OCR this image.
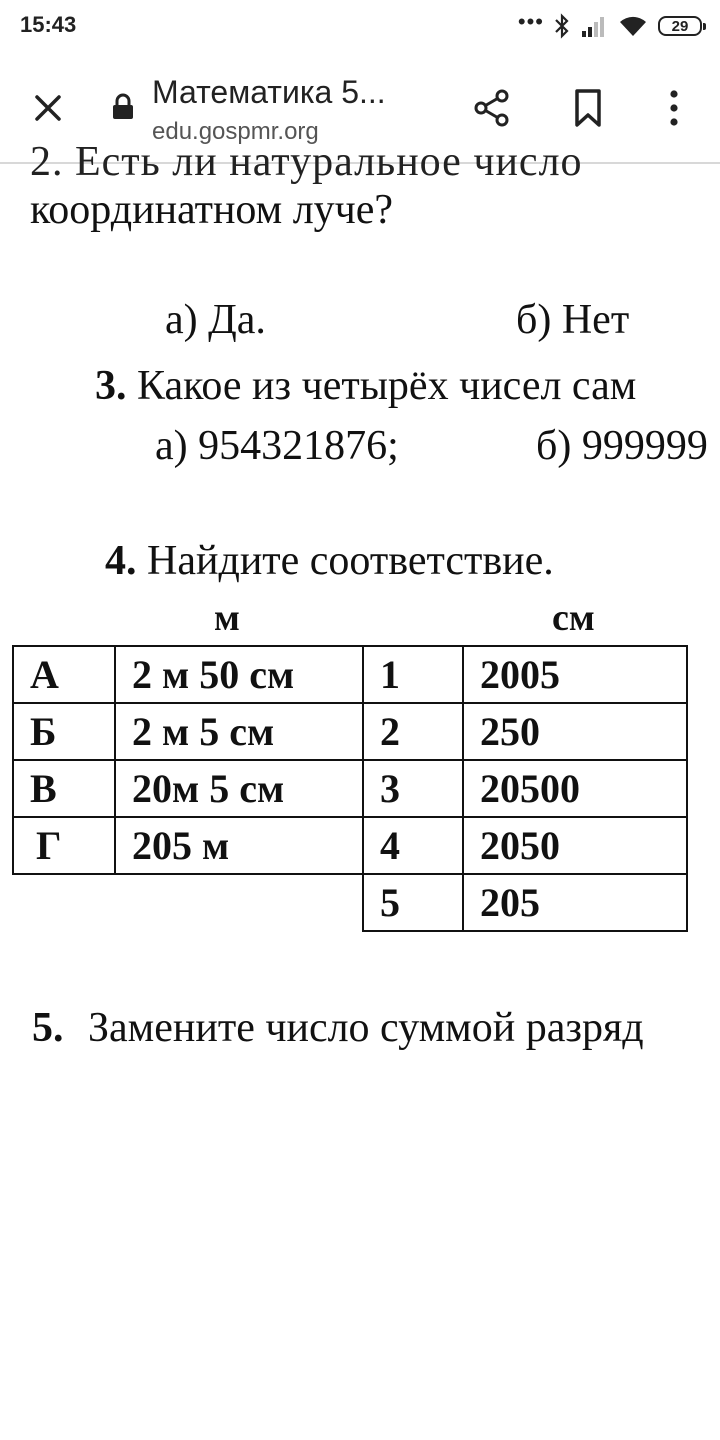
15:43	•••	29
Математика 5...
edu.gospmr.org
2. Есть ли натуральное число
координатном луче?
а) Да.	б) Нет
3. Какое из четырёх чисел сам
а) 954321876;	б) 999999
4. Найдите соответствие.
м	см
А	2 м 50 см	1	2005
Б	2 м 5 см	2	250
В	20м 5 см	3	20500
Г	205 м	4	2050
		5	205
5. Замените число суммой разряд
